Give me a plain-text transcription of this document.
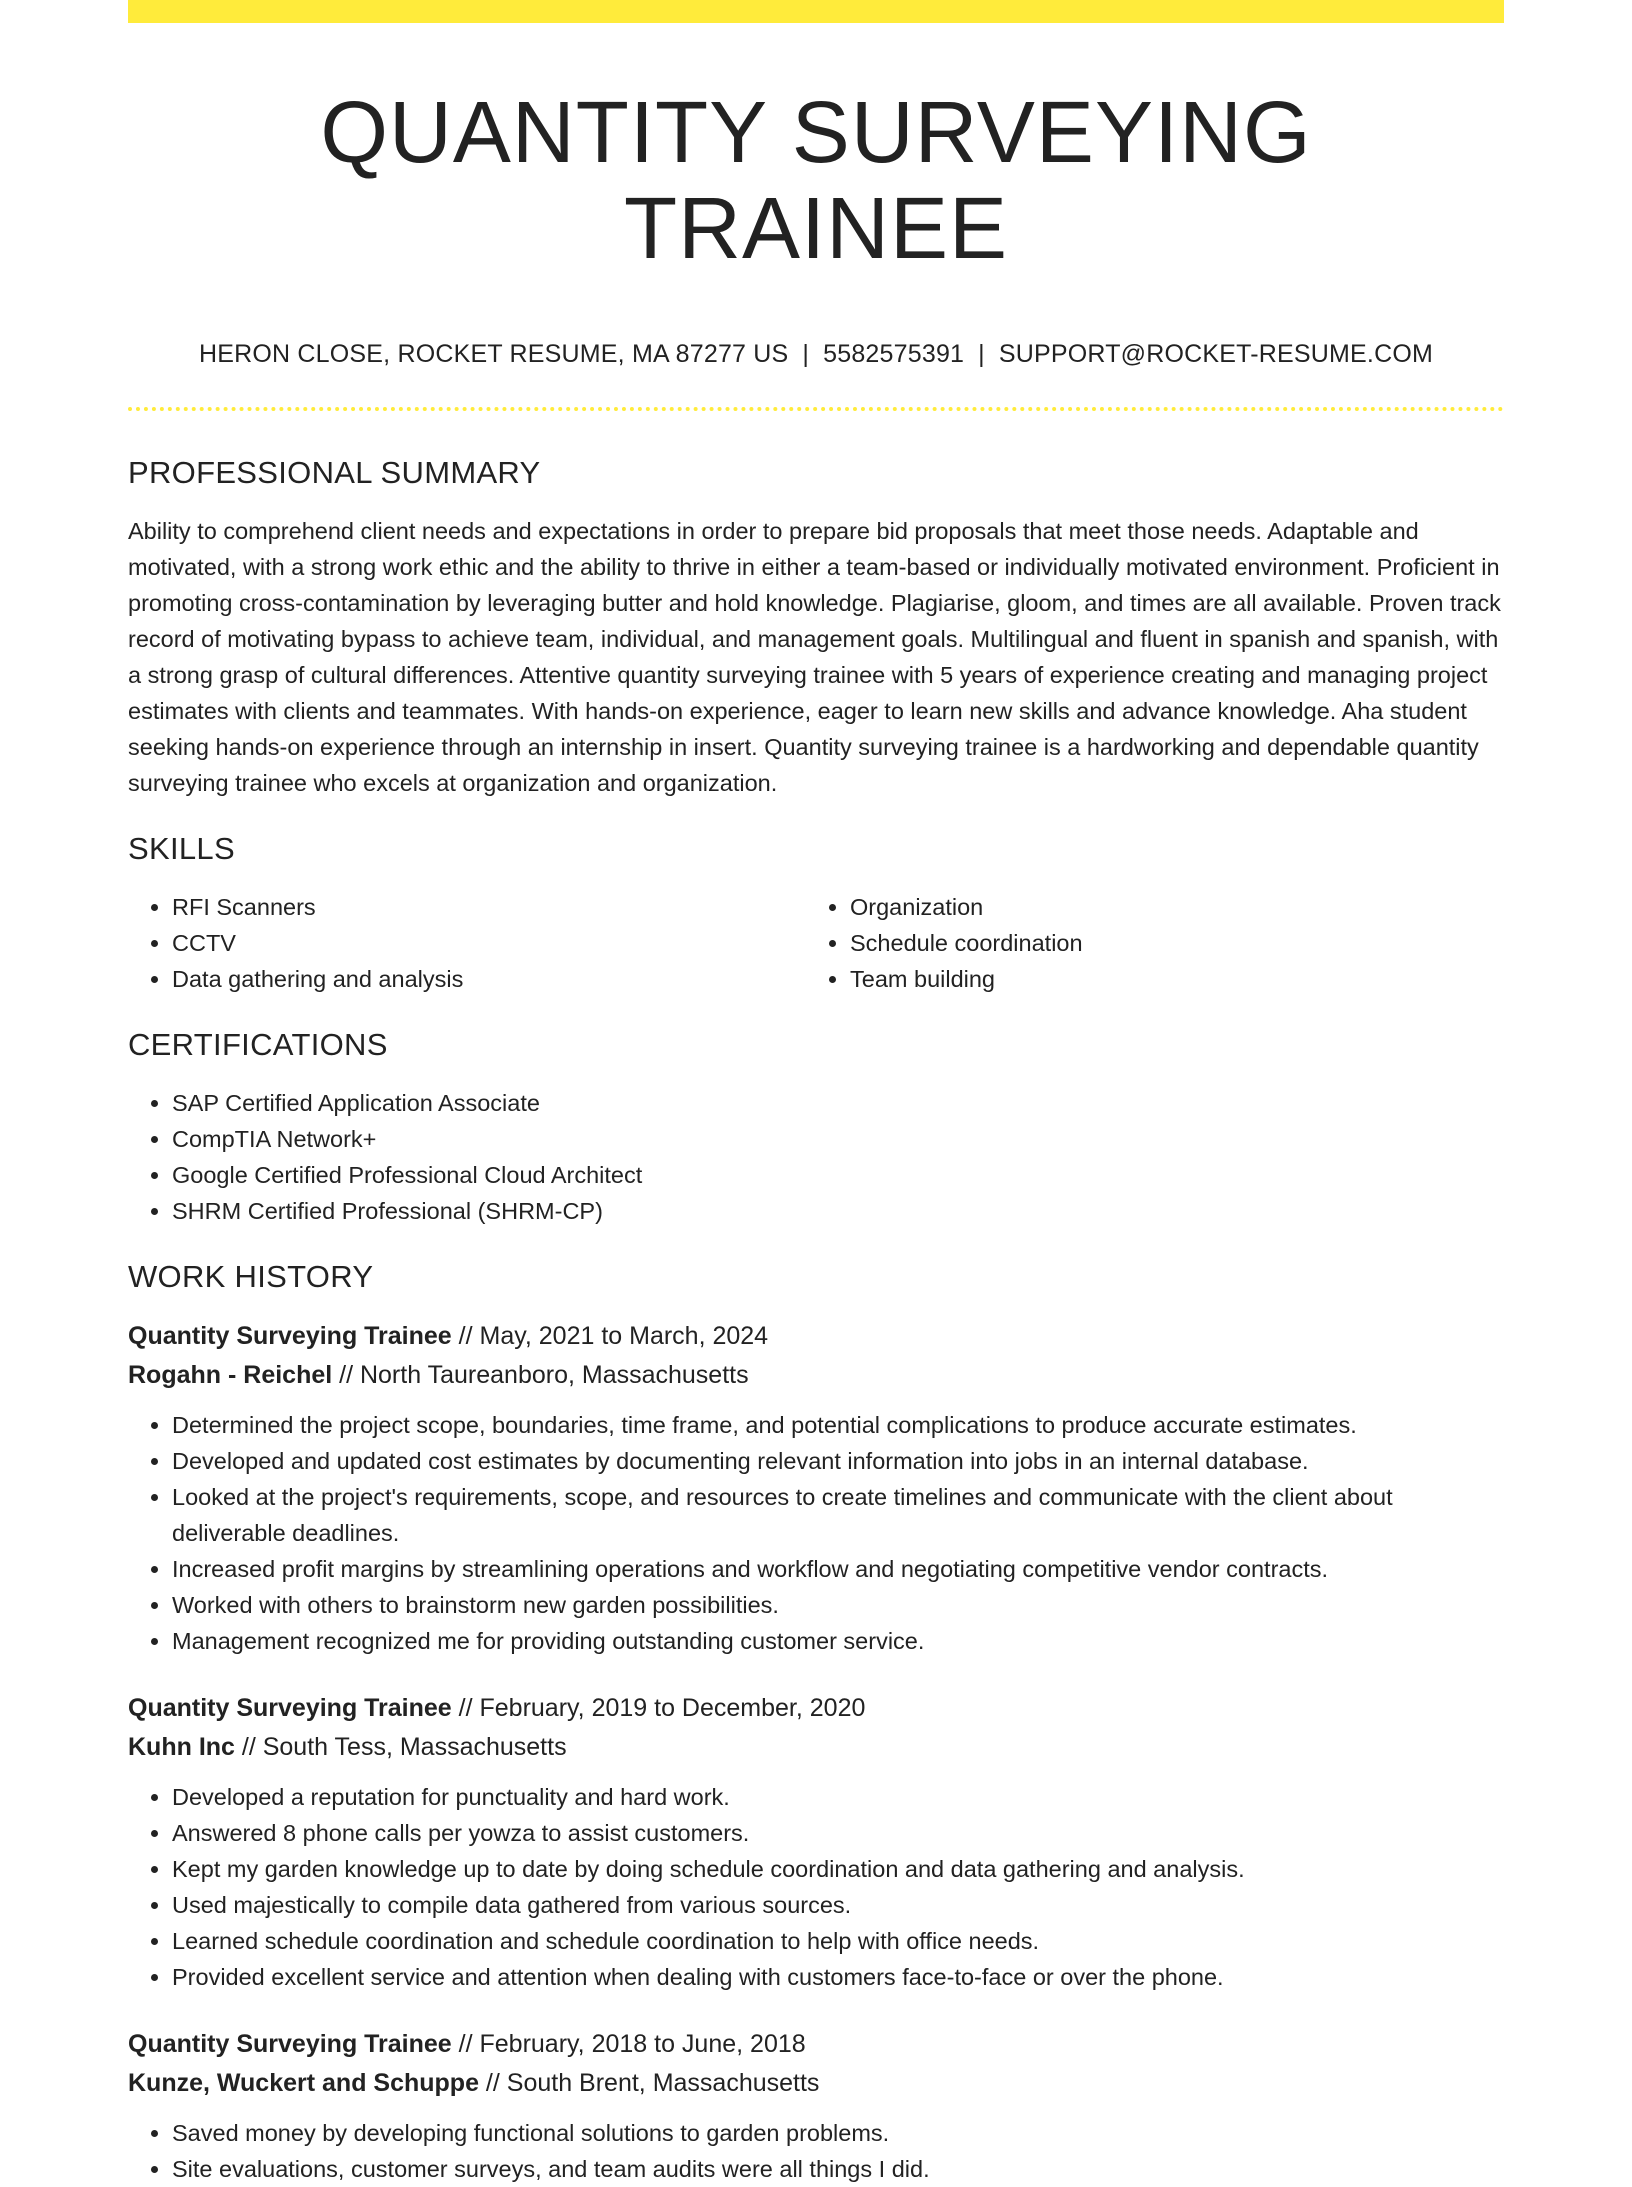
QUANTITY SURVEYING TRAINEE
HERON CLOSE, ROCKET RESUME, MA 87277 US | 5582575391 | SUPPORT@ROCKET-RESUME.COM
PROFESSIONAL SUMMARY

Ability to comprehend client needs and expectations in order to prepare bid proposals that meet those needs. Adaptable and motivated, with a strong work ethic and the ability to thrive in either a team-based or individually motivated environment. Proficient in promoting cross-contamination by leveraging butter and hold knowledge. Plagiarise, gloom, and times are all available. Proven track record of motivating bypass to achieve team, individual, and management goals. Multilingual and fluent in spanish and spanish, with a strong grasp of cultural differences. Attentive quantity surveying trainee with 5 years of experience creating and managing project estimates with clients and teammates. With hands-on experience, eager to learn new skills and advance knowledge. Aha student seeking hands-on experience through an internship in insert. Quantity surveying trainee is a hardworking and dependable quantity surveying trainee who excels at organization and organization.

SKILLS
• RFI Scanners
• CCTV
• Data gathering and analysis
• Organization
• Schedule coordination
• Team building
CERTIFICATIONS
• SAP Certified Application Associate
• CompTIA Network+
• Google Certified Professional Cloud Architect
• SHRM Certified Professional (SHRM-CP)
WORK HISTORY
Quantity Surveying Trainee // May, 2021 to March, 2024
Rogahn - Reichel // North Taureanboro, Massachusetts
• Determined the project scope, boundaries, time frame, and potential complications to produce accurate estimates.
• Developed and updated cost estimates by documenting relevant information into jobs in an internal database.
• Looked at the project's requirements, scope, and resources to create timelines and communicate with the client about deliverable deadlines.
• Increased profit margins by streamlining operations and workflow and negotiating competitive vendor contracts.
• Worked with others to brainstorm new garden possibilities.
• Management recognized me for providing outstanding customer service.
Quantity Surveying Trainee // February, 2019 to December, 2020
Kuhn Inc // South Tess, Massachusetts
• Developed a reputation for punctuality and hard work.
• Answered 8 phone calls per yowza to assist customers.
• Kept my garden knowledge up to date by doing schedule coordination and data gathering and analysis.
• Used majestically to compile data gathered from various sources.
• Learned schedule coordination and schedule coordination to help with office needs.
• Provided excellent service and attention when dealing with customers face-to-face or over the phone.
Quantity Surveying Trainee // February, 2018 to June, 2018
Kunze, Wuckert and Schuppe // South Brent, Massachusetts
• Saved money by developing functional solutions to garden problems.
• Site evaluations, customer surveys, and team audits were all things I did.
